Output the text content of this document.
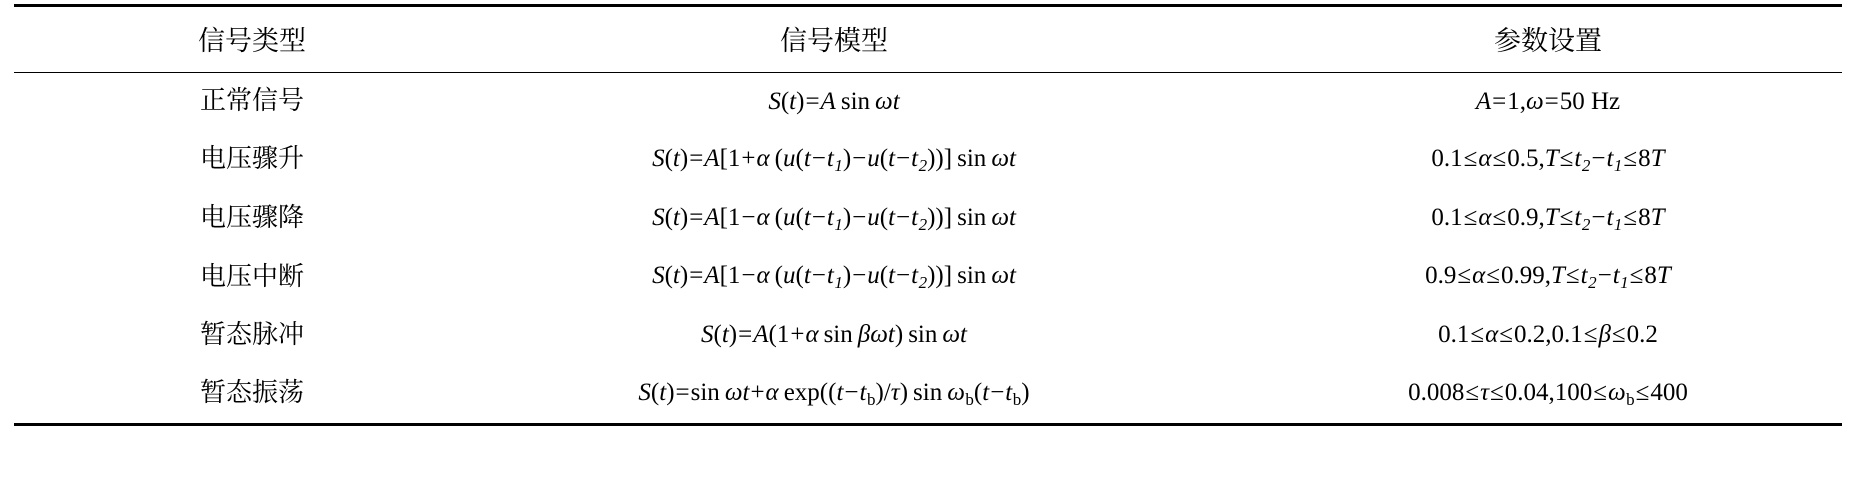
信号类型	信号模型	参数设置
正常信号	S(t)=A  sin  ωt	A=1,ω=50 Hz
电压骤升	S(t)=A[1+α $(u(t-t_1)-u(t-t_2))$]  sin  ωt	$0.1\le\alpha\le 0.5,T\le t_2-t_1\le 8T$
电压骤降	S(t)=A[1−α $(u(t-t_1)-u(t-t_2))$]  sin  ωt	$0.1\le\alpha\le 0.9,T\le t_2-t_1\le 8T$
电压中断	S(t)=A[1−α $(u(t-t_1)-u(t-t_2))$]  sin  ωt	$0.9\le\alpha\le 0.99,T\le t_2-t_1\le 8T$
暂态脉冲	S(t)=A(1+α  sin  βωt) sin  ωt	0.1≤α≤0.2,0.1≤β≤0.2
暂态振荡	S(t)=sin  ωt+α  $\exp((t-t_b)/\tau)$ $\sin \omega_b(t-t_b)$	$0.008\le\tau\le 0.04,100\le\omega_b\le 400$
